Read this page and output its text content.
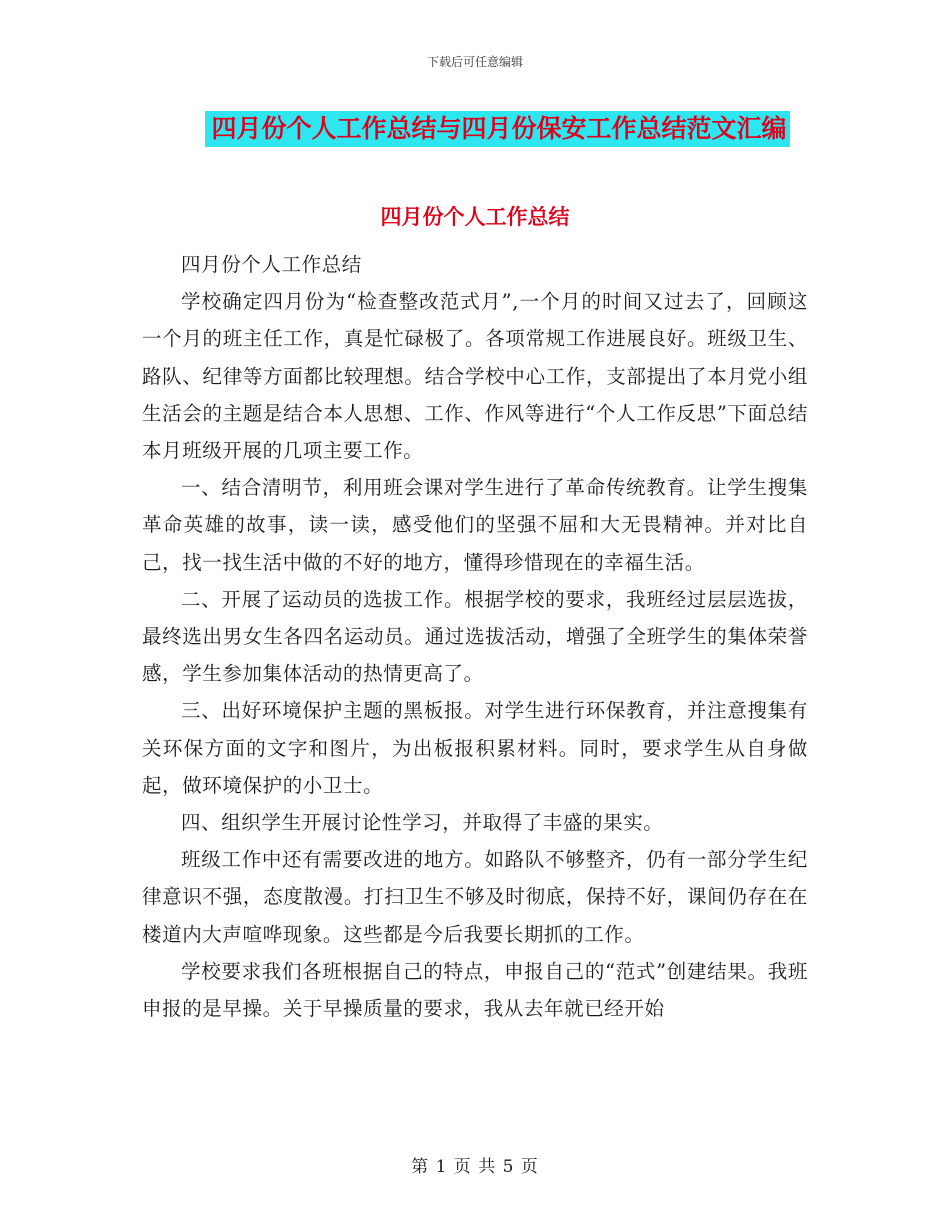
下载后可任意编辑
四月份个人工作总结与四月份保安工作总结范文汇编
四月份个人工作总结

四月份个人工作总结

学校确定四月份为“检查整改范式月”,一个月的时间又过去了，回顾这一个月的班主任工作，真是忙碌极了。各项常规工作进展良好。班级卫生、路队、纪律等方面都比较理想。结合学校中心工作，支部提出了本月党小组生活会的主题是结合本人思想、工作、作风等进行“个人工作反思”下面总结本月班级开展的几项主要工作。

一、结合清明节，利用班会课对学生进行了革命传统教育。让学生搜集革命英雄的故事，读一读，感受他们的坚强不屈和大无畏精神。并对比自己，找一找生活中做的不好的地方，懂得珍惜现在的幸福生活。

二、开展了运动员的选拔工作。根据学校的要求，我班经过层层选拔，最终选出男女生各四名运动员。通过选拔活动，增强了全班学生的集体荣誉感，学生参加集体活动的热情更高了。

三、出好环境保护主题的黑板报。对学生进行环保教育，并注意搜集有关环保方面的文字和图片，为出板报积累材料。同时，要求学生从自身做起，做环境保护的小卫士。

四、组织学生开展讨论性学习，并取得了丰盛的果实。

班级工作中还有需要改进的地方。如路队不够整齐，仍有一部分学生纪律意识不强，态度散漫。打扫卫生不够及时彻底，保持不好，课间仍存在在楼道内大声喧哗现象。这些都是今后我要长期抓的工作。

学校要求我们各班根据自己的特点，申报自己的“范式”创建结果。我班申报的是早操。关于早操质量的要求，我从去年就已经开始

第 1 页 共 5 页
